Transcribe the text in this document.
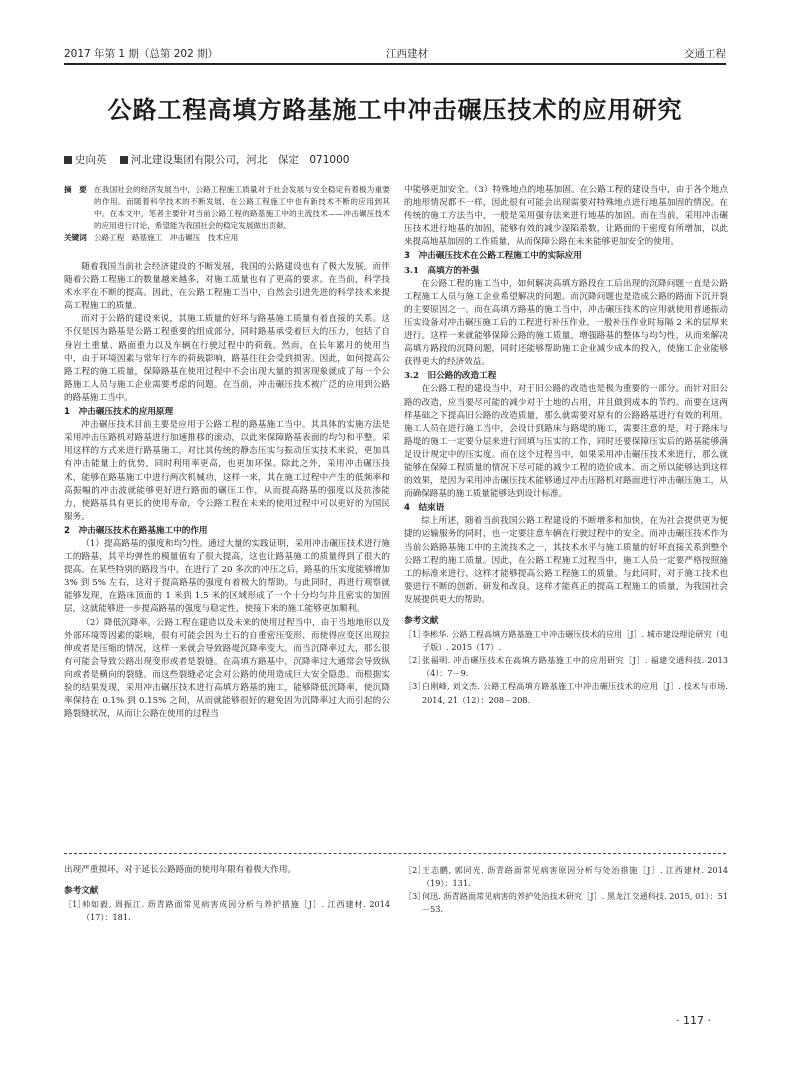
2017 年第 1 期（总第 202 期）	江西建材	交通工程
公路工程高填方路基施工中冲击碾压技术的应用研究
史向英 河北建设集团有限公司，河北　保定　071000
摘　要 在我国社会的经济发展当中，公路工程施工质量对于社会发展与安全稳定有着极为重要的作用。而随着科学技术的不断发展，在公路工程施工中也有新技术不断的应用到其中。在本文中，笔者主要针对当前公路工程的路基施工中的主流技术——冲击碾压技术的应用进行讨论，希望能为我国社会的稳定发展做出贡献。
关键词 公路工程　路基施工　冲击碾压　技术应用

随着我国当前社会经济建设的不断发展，我国的公路建设也有了极大发展。而伴随着公路工程施工的数量越来越多，对施工质量也有了更高的要求。在当前，科学技术水平在不断的提高。因此，在公路工程施工当中，自然会引进先进的科学技术来提高工程施工的质量。

而对于公路的建设来说，其施工质量的好坏与路基施工质量有着直接的关系。这不仅是因为路基是公路工程重要的组成部分，同时路基承受着巨大的压力，包括了自身岩土重量、路面重力以及车辆在行驶过程中的荷载。然而，在长年累月的使用当中，由于环境因素与常年行车的荷载影响，路基往往会受到损害。因此，如何提高公路工程的施工质量，保障路基在使用过程中不会出现大量的损害现象就成了每一个公路施工人员与施工企业需要考虑的问题。在当前，冲击碾压技术被广泛的应用到公路的路基施工当中。

1　冲击碾压技术的应用原理

冲击碾压技术目前主要是应用于公路工程的路基施工当中。其具体的实施方法是采用冲击压路机对路基进行加速推移的滚动，以此来保障路基表面的均匀和平整。采用这样的方式来进行路基施工，对比其传统的静态压实与振动压实技术来说，更加具有冲击能量上的优势，同时利用率更高，也更加环保。除此之外，采用冲击碾压技术，能够在路基施工中进行两次机械功，这样一来，其在施工过程中产生的低频率和高振幅的冲击波就能够更好进行路面的碾压工作，从而提高路基的强度以及抗渗能力，使路基具有更长的使用寿命，令公路工程在未来的使用过程中可以更好的为国民服务。

2　冲击碾压技术在路基施工中的作用

（1）提高路基的强度和均匀性。通过大量的实践证明，采用冲击碾压技术进行施工的路基，其平均弹性的模量值有了很大提高，这也让路基施工的质量得到了很大的提高。在某些特别的路段当中，在进行了 20 多次的冲压之后，路基的压实度能够增加 3% 到 5% 左右，这对于提高路基的强度有着极大的帮助。与此同时，再进行观察就能够发现，在路床顶面的 1 米到 1.5 米的区域形成了一个十分均匀并且密实的加固层，这就能够进一步提高路基的强度与稳定性，使接下来的施工能够更加顺利。

（2）降低沉降率。公路工程在建造以及未来的使用过程当中，由于当地地形以及外部环境等因素的影响，很有可能会因为土石的自重密压变形、而使得应变区出现拉伸或者是压缩的情况，这样一来就会导致路堤沉降率变大。而当沉降率过大，那么很有可能会导致公路出现变形或者是裂缝。在高填方路基中，沉降率过大通常会导致纵向或者是横向的裂缝。而这些裂缝必定会对公路的使用造成巨大安全隐患。而根据实验的结果发现，采用冲击碾压技术进行高填方路基的施工，能够降低沉降率，使沉降率保持在 0.1% 到 0.15% 之间，从而就能够很好的避免因为沉降率过大而引起的公路裂缝状况，从而让公路在使用的过程当

中能够更加安全。（3）特殊地点的地基加固。在公路工程的建设当中，由于各个地点的地形情况都不一样，因此很有可能会出现需要对特殊地点进行地基加固的情况。在传统的施工方法当中，一般是采用强夯法来进行地基的加固。而在当前，采用冲击碾压技术进行地基的加固，能够有效的减少湿陷系数，让路面的干密度有所增加，以此来提高地基加固的工作质量，从而保障公路在未来能够更加安全的使用。

3　冲击碾压技术在公路工程施工中的实际应用

3.1　高填方的补强

在公路工程的施工当中，如何解决高填方路段在工后出现的沉降问题一直是公路工程施工人员与施工企业希望解决的问题。而沉降问题也是造成公路的路面下沉开裂的主要原因之一。而在高填方路基的施工当中，冲击碾压技术的应用就使用普通振动压实设备对冲击碾压施工后的工程进行补压作业，一般补压作业时每隔 2 米的层厚来进行。这样一来就能够保障公路的施工质量，增强路基的整体与均匀性，从而来解决高填方路段的沉降问题，同时还能够帮助施工企业减少成本的投入，使施工企业能够获得更大的经济效益。

3.2　旧公路的改造工程

在公路工程的建设当中，对于旧公路的改造也是极为重要的一部分。而针对旧公路的改造，应当要尽可能的减少对于土地的占用，并且做到成本的节约。而要在这两样基础之下提高旧公路的改造质量，那么就需要对原有的公路路基进行有效的利用。施工人员在进行施工当中，会设计到路床与路堤的施工，需要注意的是，对于路床与路堤的施工一定要分层来进行回填与压实的工作，同时还要保障压实后的路基能够满足设计规定中的压实度。而在这个过程当中，如果采用冲击碾压技术来进行，那么就能够在保障工程质量的情况下尽可能的减少工程的造价成本。而之所以能够达到这样的效果，是因为采用冲击碾压技术能够通过冲击压路机对路面进行冲击碾压施工，从而确保路基的施工质量能够达到设计标准。

4　结束语

综上所述，随着当前我国公路工程建设的不断增多和加快，在为社会提供更为便捷的运输服务的同时，也一定要注意车辆在行驶过程中的安全。而冲击碾压技术作为当前公路路基施工中的主流技术之一，其技术水平与施工质量的好坏直接关系到整个公路工程的施工质量。因此，在公路工程施工过程当中，施工人员一定要严格按照施工的标准来进行，这样才能够提高公路工程施工的质量。与此同时，对于施工技术也要进行不断的创新、研发和改良，这样才能真正的提高工程施工的质量，为我国社会发展提供更大的帮助。

参考文献

［1］
李彬华. 公路工程高填方路基施工中冲击碾压技术的应用［J］. 城市建设理论研究（电子版）. 2015（17）.

［2］
张福明. 冲击碾压技术在高填方路基施工中的应用研究［J］. 福建交通科技. 2013（4）：7－9.

［3］
白刚峰, 刘文杰. 公路工程高填方路基施工中冲击碾压技术的应用［J］. 技术与市场. 2014, 21（12）：208－208.

出现严重损坏，对于延长公路路面的使用年限有着极大作用。

参考文献

［1］
帅如毅, 周振江. 沥青路面常见病害成因分析与养护措施［J］. 江西建材. 2014（17）：181.

［2］
王志鹏, 郭同光. 沥青路面常见病害原因分析与处治措施［J］. 江西建材. 2014（19）：131.

［3］
何迅. 沥青路面常见病害的养护处治技术研究［J］. 黑龙江交通科技. 2015, 01）：51－53.

· 117 ·
